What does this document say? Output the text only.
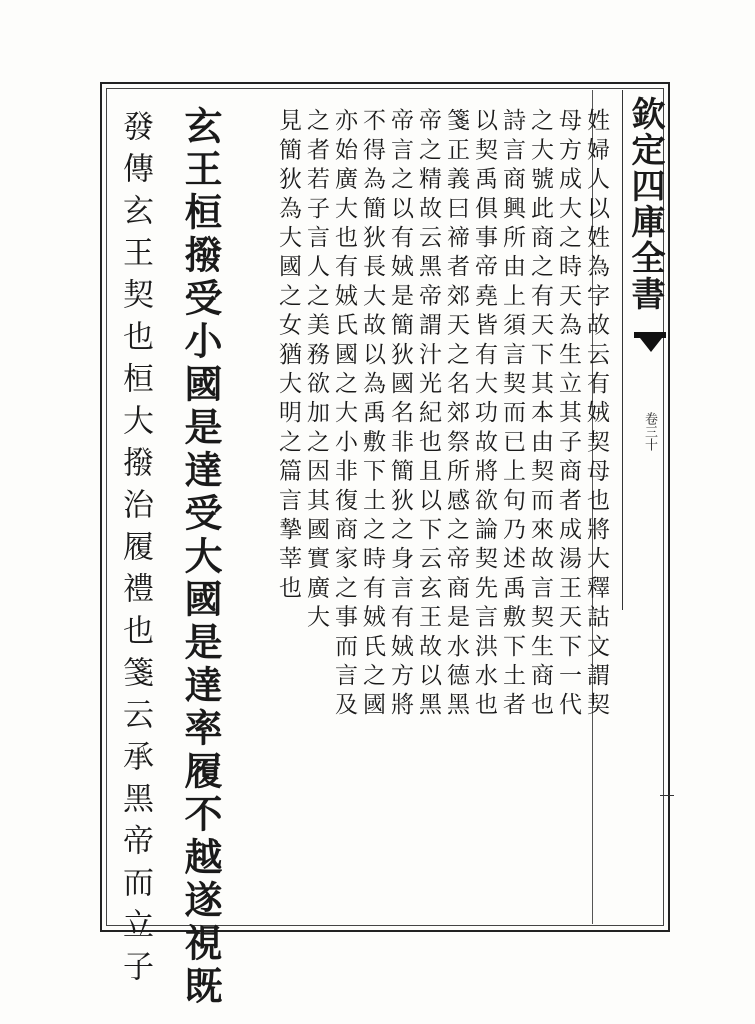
欽定四庫全書
卷三十
姓婦人以姓為字故云有娀契母也將大釋詁文謂契
母方成大之時天為生立其子商者成湯王天下一代
之大號此商之有天下其本由契而來故言契生商也
詩言商興所由上須言契而已上句乃述禹敷下土者
以契禹俱事帝堯皆有大功故將欲論契先言洪水也
箋正義曰禘者郊天之名郊祭所感之帝商是水德黑
帝之精故云黑帝謂汁光紀也且以下云玄王故以黑
帝言之以有娀是簡狄國名非簡狄之身言有娀方將
不得為簡狄長大故以為禹敷下土之時有娀氏之國
亦始廣大也有娀氏國之大小非復商家之事而言及
之者若子言人之美務欲加之因其國實廣大
見簡狄為大國之女猶大明之篇言摯莘也
玄王桓撥受小國是達受大國是達率履不越遂視既
發傳玄王契也桓大撥治履禮也箋云承黑帝而立子
